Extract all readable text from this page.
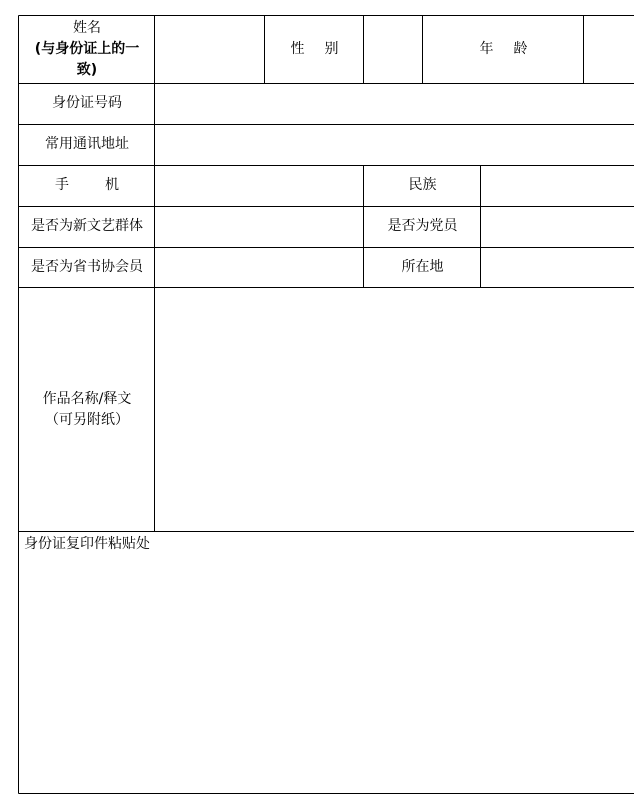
姓名
(与身份证上的一
致)
性别	年龄
身份证号码
常用通讯地址
手机	民族
是否为新文艺群体	是否为党员
是否为省书协会员	所在地
作品名称/释文
（可另附纸）
身份证复印件粘贴处
